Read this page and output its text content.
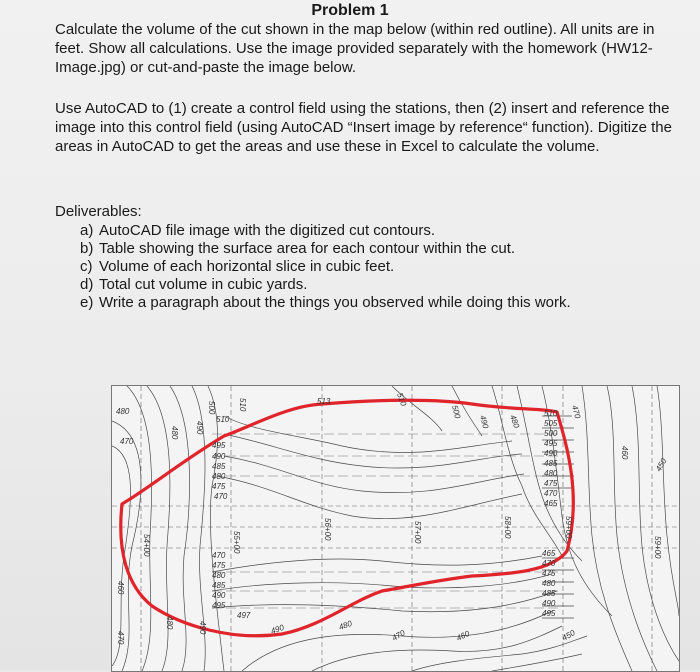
Problem 1

Calculate the volume of the cut shown in the map below (within red outline). All units are in feet. Show all calculations. Use the image provided separately with the homework (HW12-Image.jpg) or cut-and-paste the image below.

Use AutoCAD to (1) create a control field using the stations, then (2) insert and reference the image into this control field (using AutoCAD “Insert image by reference“ function). Digitize the areas in AutoCAD to get the areas and use these in Excel to calculate the volume.

Deliverables:
a) AutoCAD file image with the digitized cut contours.
b) Table showing the surface area for each contour within the cut.
c) Volume of each horizontal slice in cubic feet.
d) Total cut volume in cubic yards.
e) Write a paragraph about the things you observed while doing this work.
54+00	55+00
56+00	57+00	58+00	59+00
59+00
510
495
490
485
480
475
470
470
475
480
485
490
495
497
510
505
500
495
490
485
480
475
470
465
465
470
475
480
485
490
495
480
470
480 490
500	510	513	510
500
490 480
470
460
450
460
470
480	490	490	480
470	460	450
